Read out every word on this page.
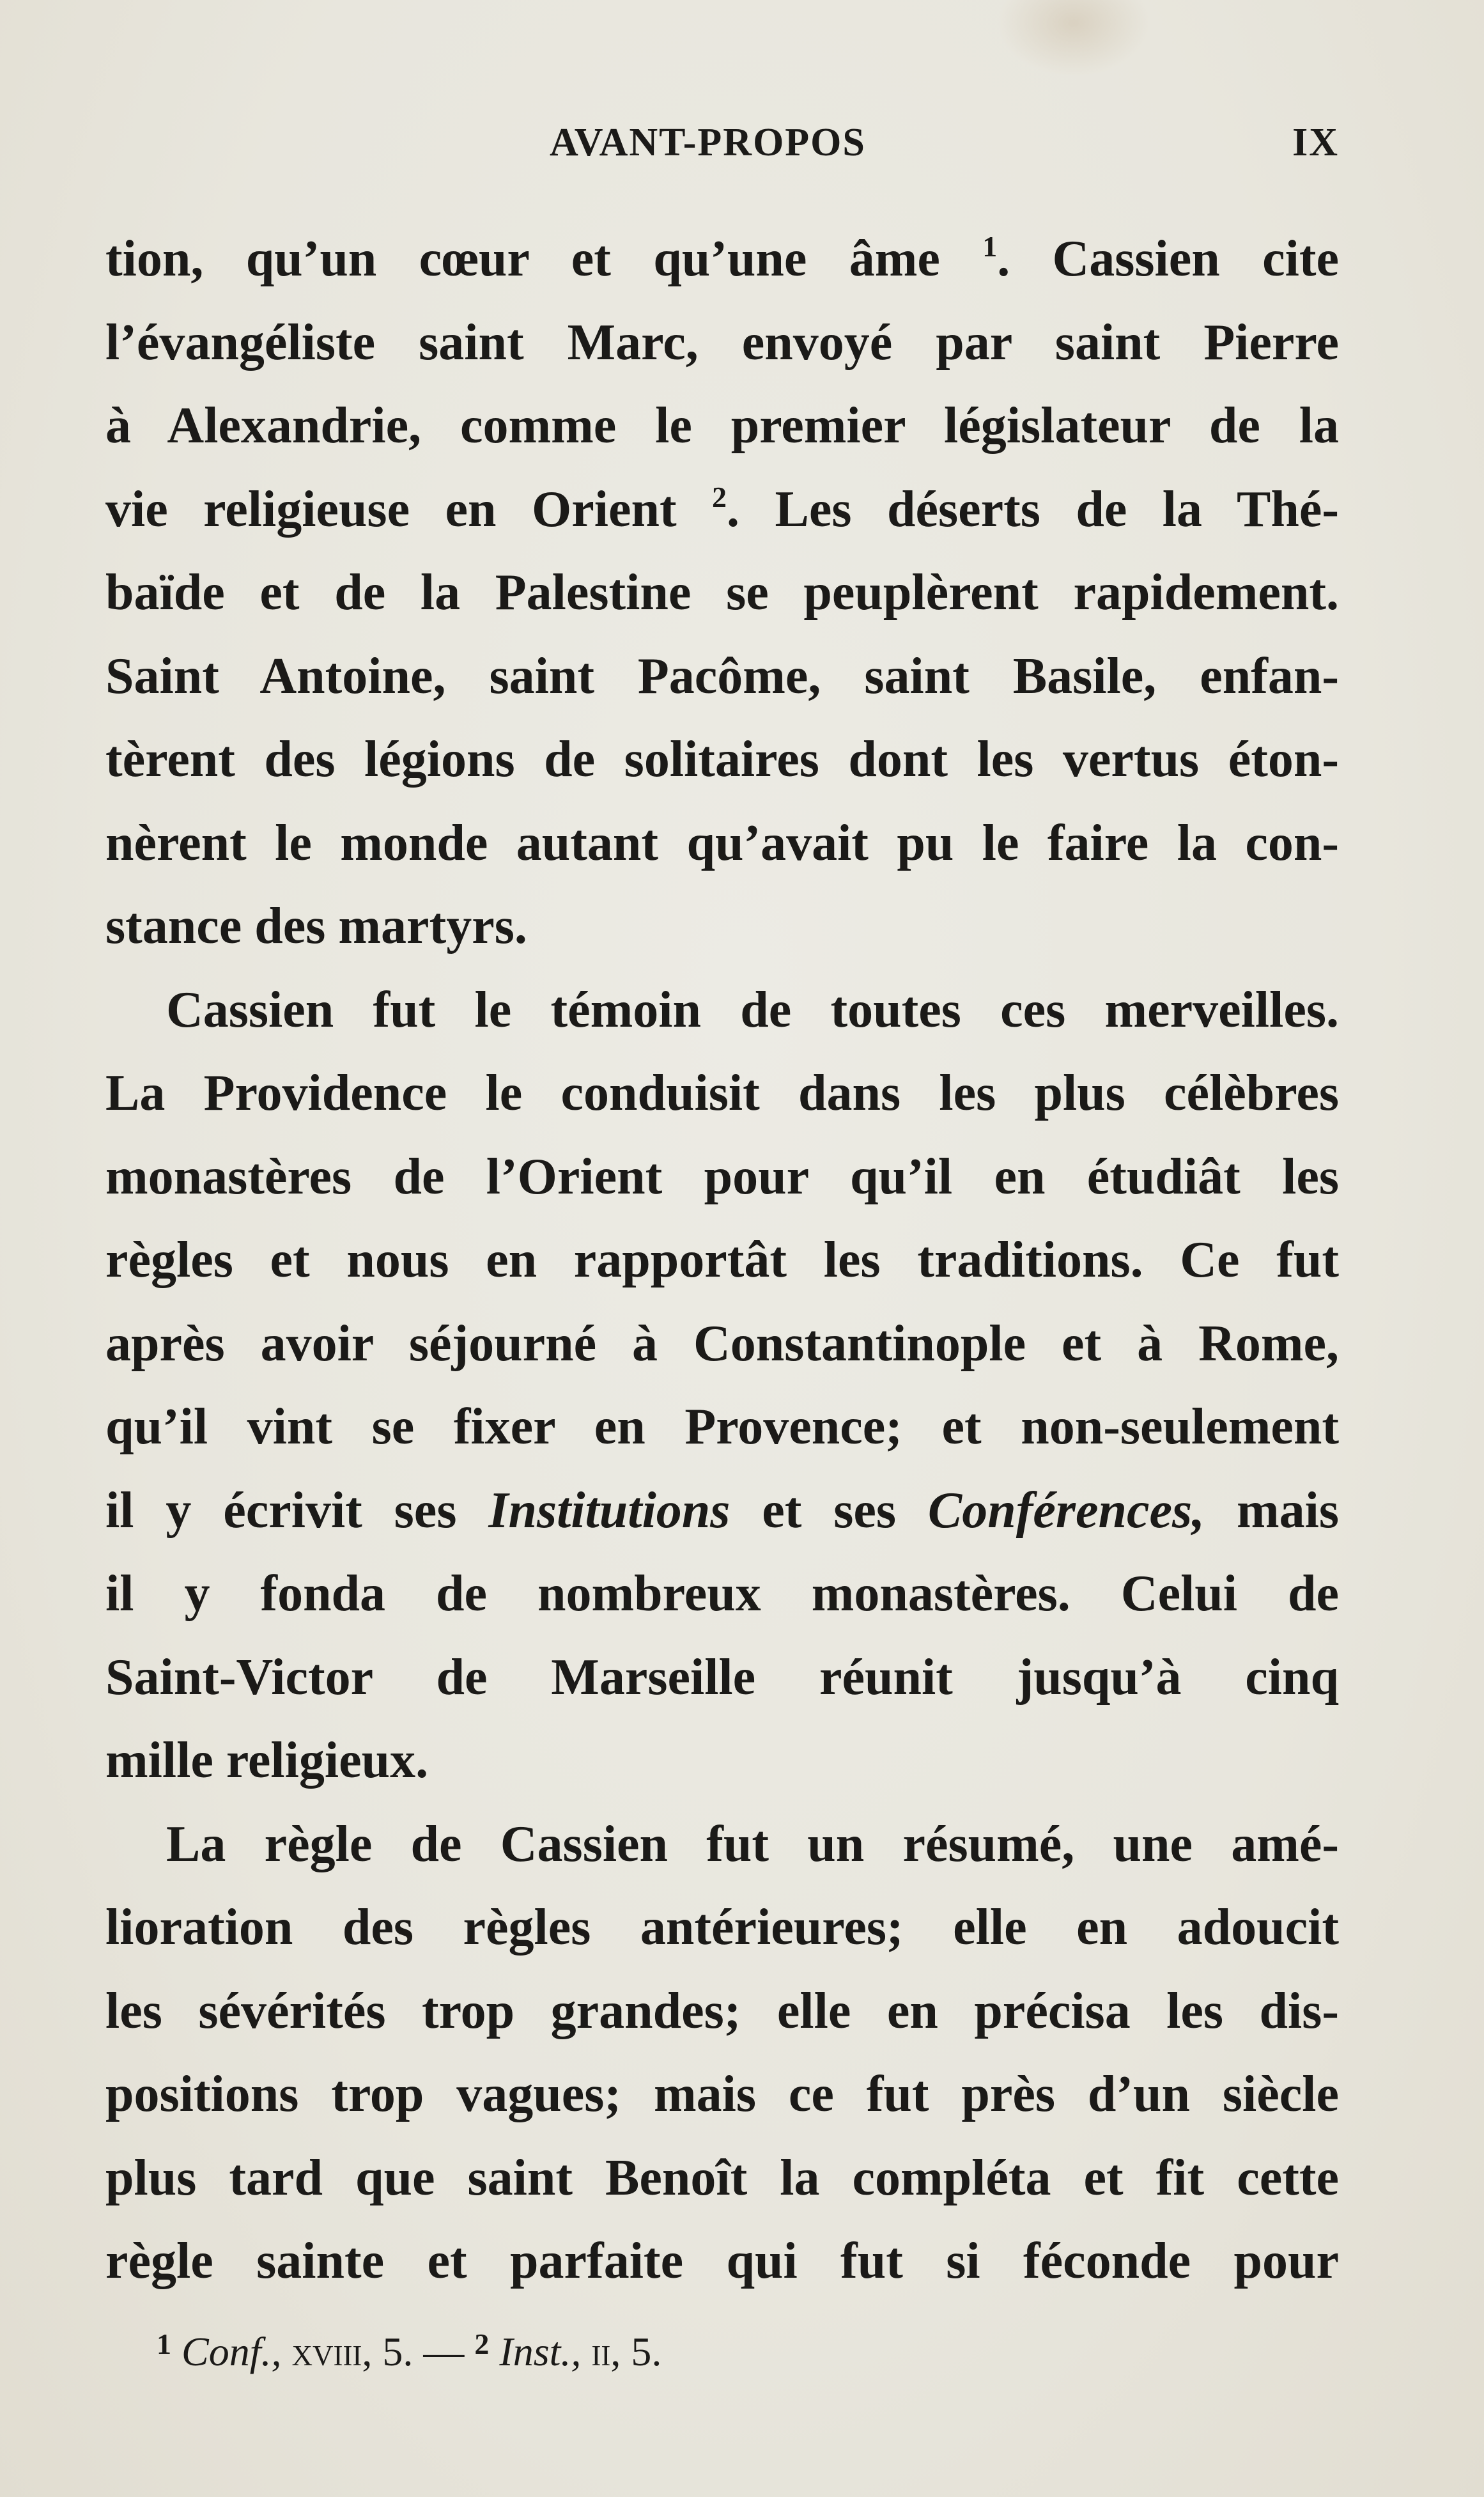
AVANT-PROPOS	IX
tion, qu’un cœur et qu’une âme $^1$. Cassien cite
l’évangéliste saint Marc, envoyé par saint Pierre
à Alexandrie, comme le premier législateur de la
vie religieuse en Orient $^2$. Les déserts de la Thé-
baïde et de la Palestine se peuplèrent rapidement.
Saint Antoine, saint Pacôme, saint Basile, enfan-
tèrent des légions de solitaires dont les vertus éton-
nèrent le monde autant qu’avait pu le faire la con-
stance des martyrs.
Cassien fut le témoin de toutes ces merveilles.
La Providence le conduisit dans les plus célèbres
monastères de l’Orient pour qu’il en étudiât les
règles et nous en rapportât les traditions. Ce fut
après avoir séjourné à Constantinople et à Rome,
qu’il vint se fixer en Provence; et non-seulement
il y écrivit ses Institutions et ses Conférences, mais
il y fonda de nombreux monastères. Celui de
Saint-Victor de Marseille réunit jusqu’à cinq
mille religieux.
La règle de Cassien fut un résumé, une amé-
lioration des règles antérieures; elle en adoucit
les sévérités trop grandes; elle en précisa les dis-
positions trop vagues; mais ce fut près d’un siècle
plus tard que saint Benoît la compléta et fit cette
règle sainte et parfaite qui fut si féconde pour
$^1$ Conf., xviii, 5. — $^2$ Inst., ii, 5.
